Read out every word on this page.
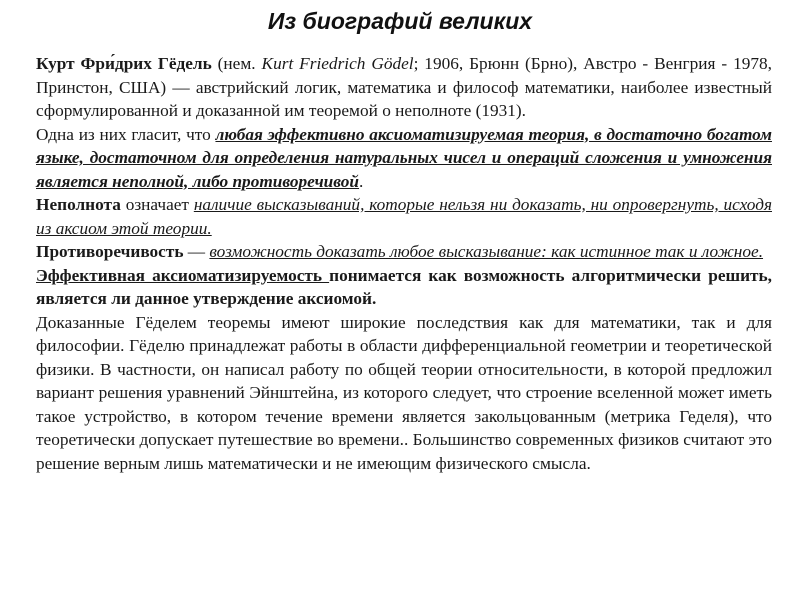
Из биографий великих

Курт Фри́дрих Гёдель (нем. Kurt Friedrich Gödel; 1906, Брюнн (Брно), Австро - Венгрия - 1978, Принстон, США) — австрийский логик, математика и философ математики, наиболее известный сформулированной и доказанной им теоремой о неполноте (1931).

Одна из них гласит, что любая эффективно аксиоматизируемая теория, в достаточно богатом языке, достаточном для определения натуральных чисел и операций сложения и умножения является неполной, либо противоречивой.

Неполнота означает наличие высказываний, которые нельзя ни доказать, ни опровергнуть, исходя из аксиом этой теории.

Противоречивость — возможность доказать любое высказывание: как истинное так и ложное.

Эффективная аксиоматизируемость понимается как возможность алгоритмически решить, является ли данное утверждение аксиомой.

Доказанные Гёделем теоремы имеют широкие последствия как для математики, так и для философии. Гёделю принадлежат работы в области дифференциальной геометрии и теоретической физики. В частности, он написал работу по общей теории относительности, в которой предложил вариант решения уравнений Эйнштейна, из которого следует, что строение вселенной может иметь такое устройство, в котором течение времени является закольцованным (метрика Геделя), что теоретически допускает путешествие во времени.. Большинство современных физиков считают это решение верным лишь математически и не имеющим физического смысла.
